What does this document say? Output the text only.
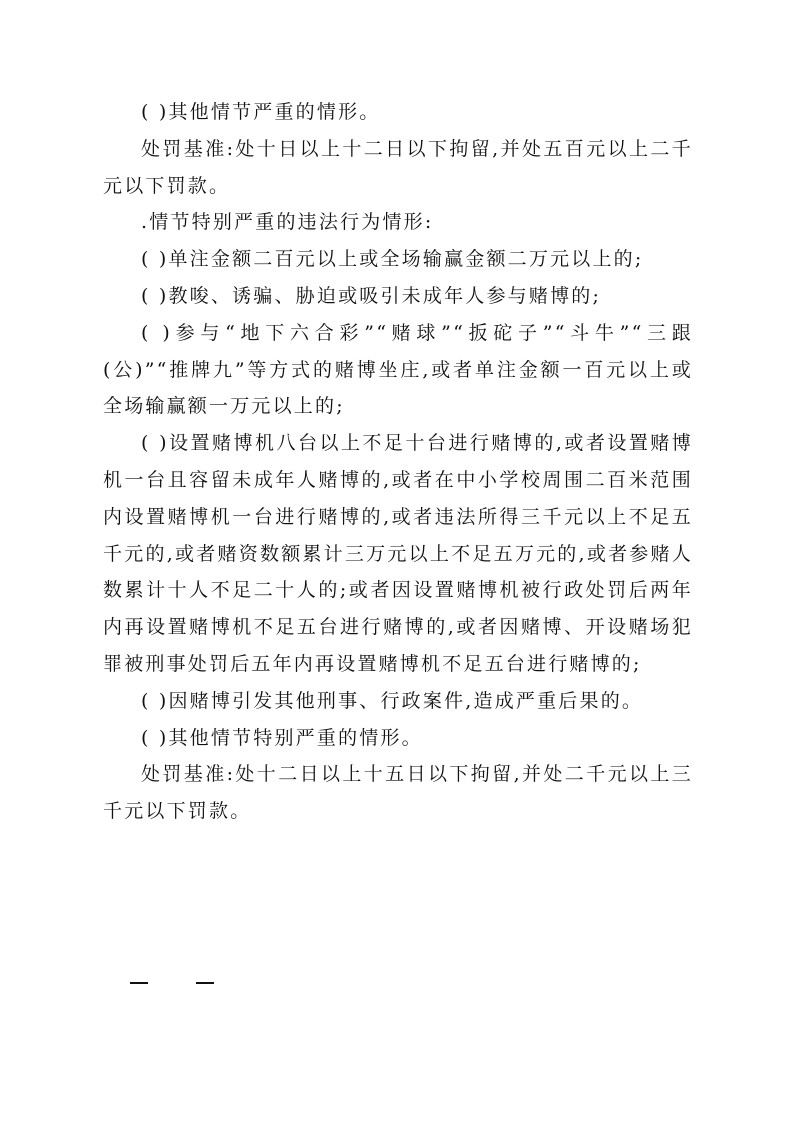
( )其他情节严重的情形。

处罚基准:处十日以上十二日以下拘留,并处五百元以上二千元以下罚款。

.情节特别严重的违法行为情形:

( )单注金额二百元以上或全场输赢金额二万元以上的;

( )教唆、诱骗、胁迫或吸引未成年人参与赌博的;

( )参与“地下六合彩”“赌球”“扳砣子”“斗牛”“三跟(公)”“推牌九”等方式的赌博坐庄,或者单注金额一百元以上或全场输赢额一万元以上的;

( )设置赌博机八台以上不足十台进行赌博的,或者设置赌博机一台且容留未成年人赌博的,或者在中小学校周围二百米范围内设置赌博机一台进行赌博的,或者违法所得三千元以上不足五千元的,或者赌资数额累计三万元以上不足五万元的,或者参赌人数累计十人不足二十人的;或者因设置赌博机被行政处罚后两年内再设置赌博机不足五台进行赌博的,或者因赌博、开设赌场犯罪被刑事处罚后五年内再设置赌博机不足五台进行赌博的;

( )因赌博引发其他刑事、行政案件,造成严重后果的。

( )其他情节特别严重的情形。

处罚基准:处十二日以上十五日以下拘留,并处二千元以上三千元以下罚款。
